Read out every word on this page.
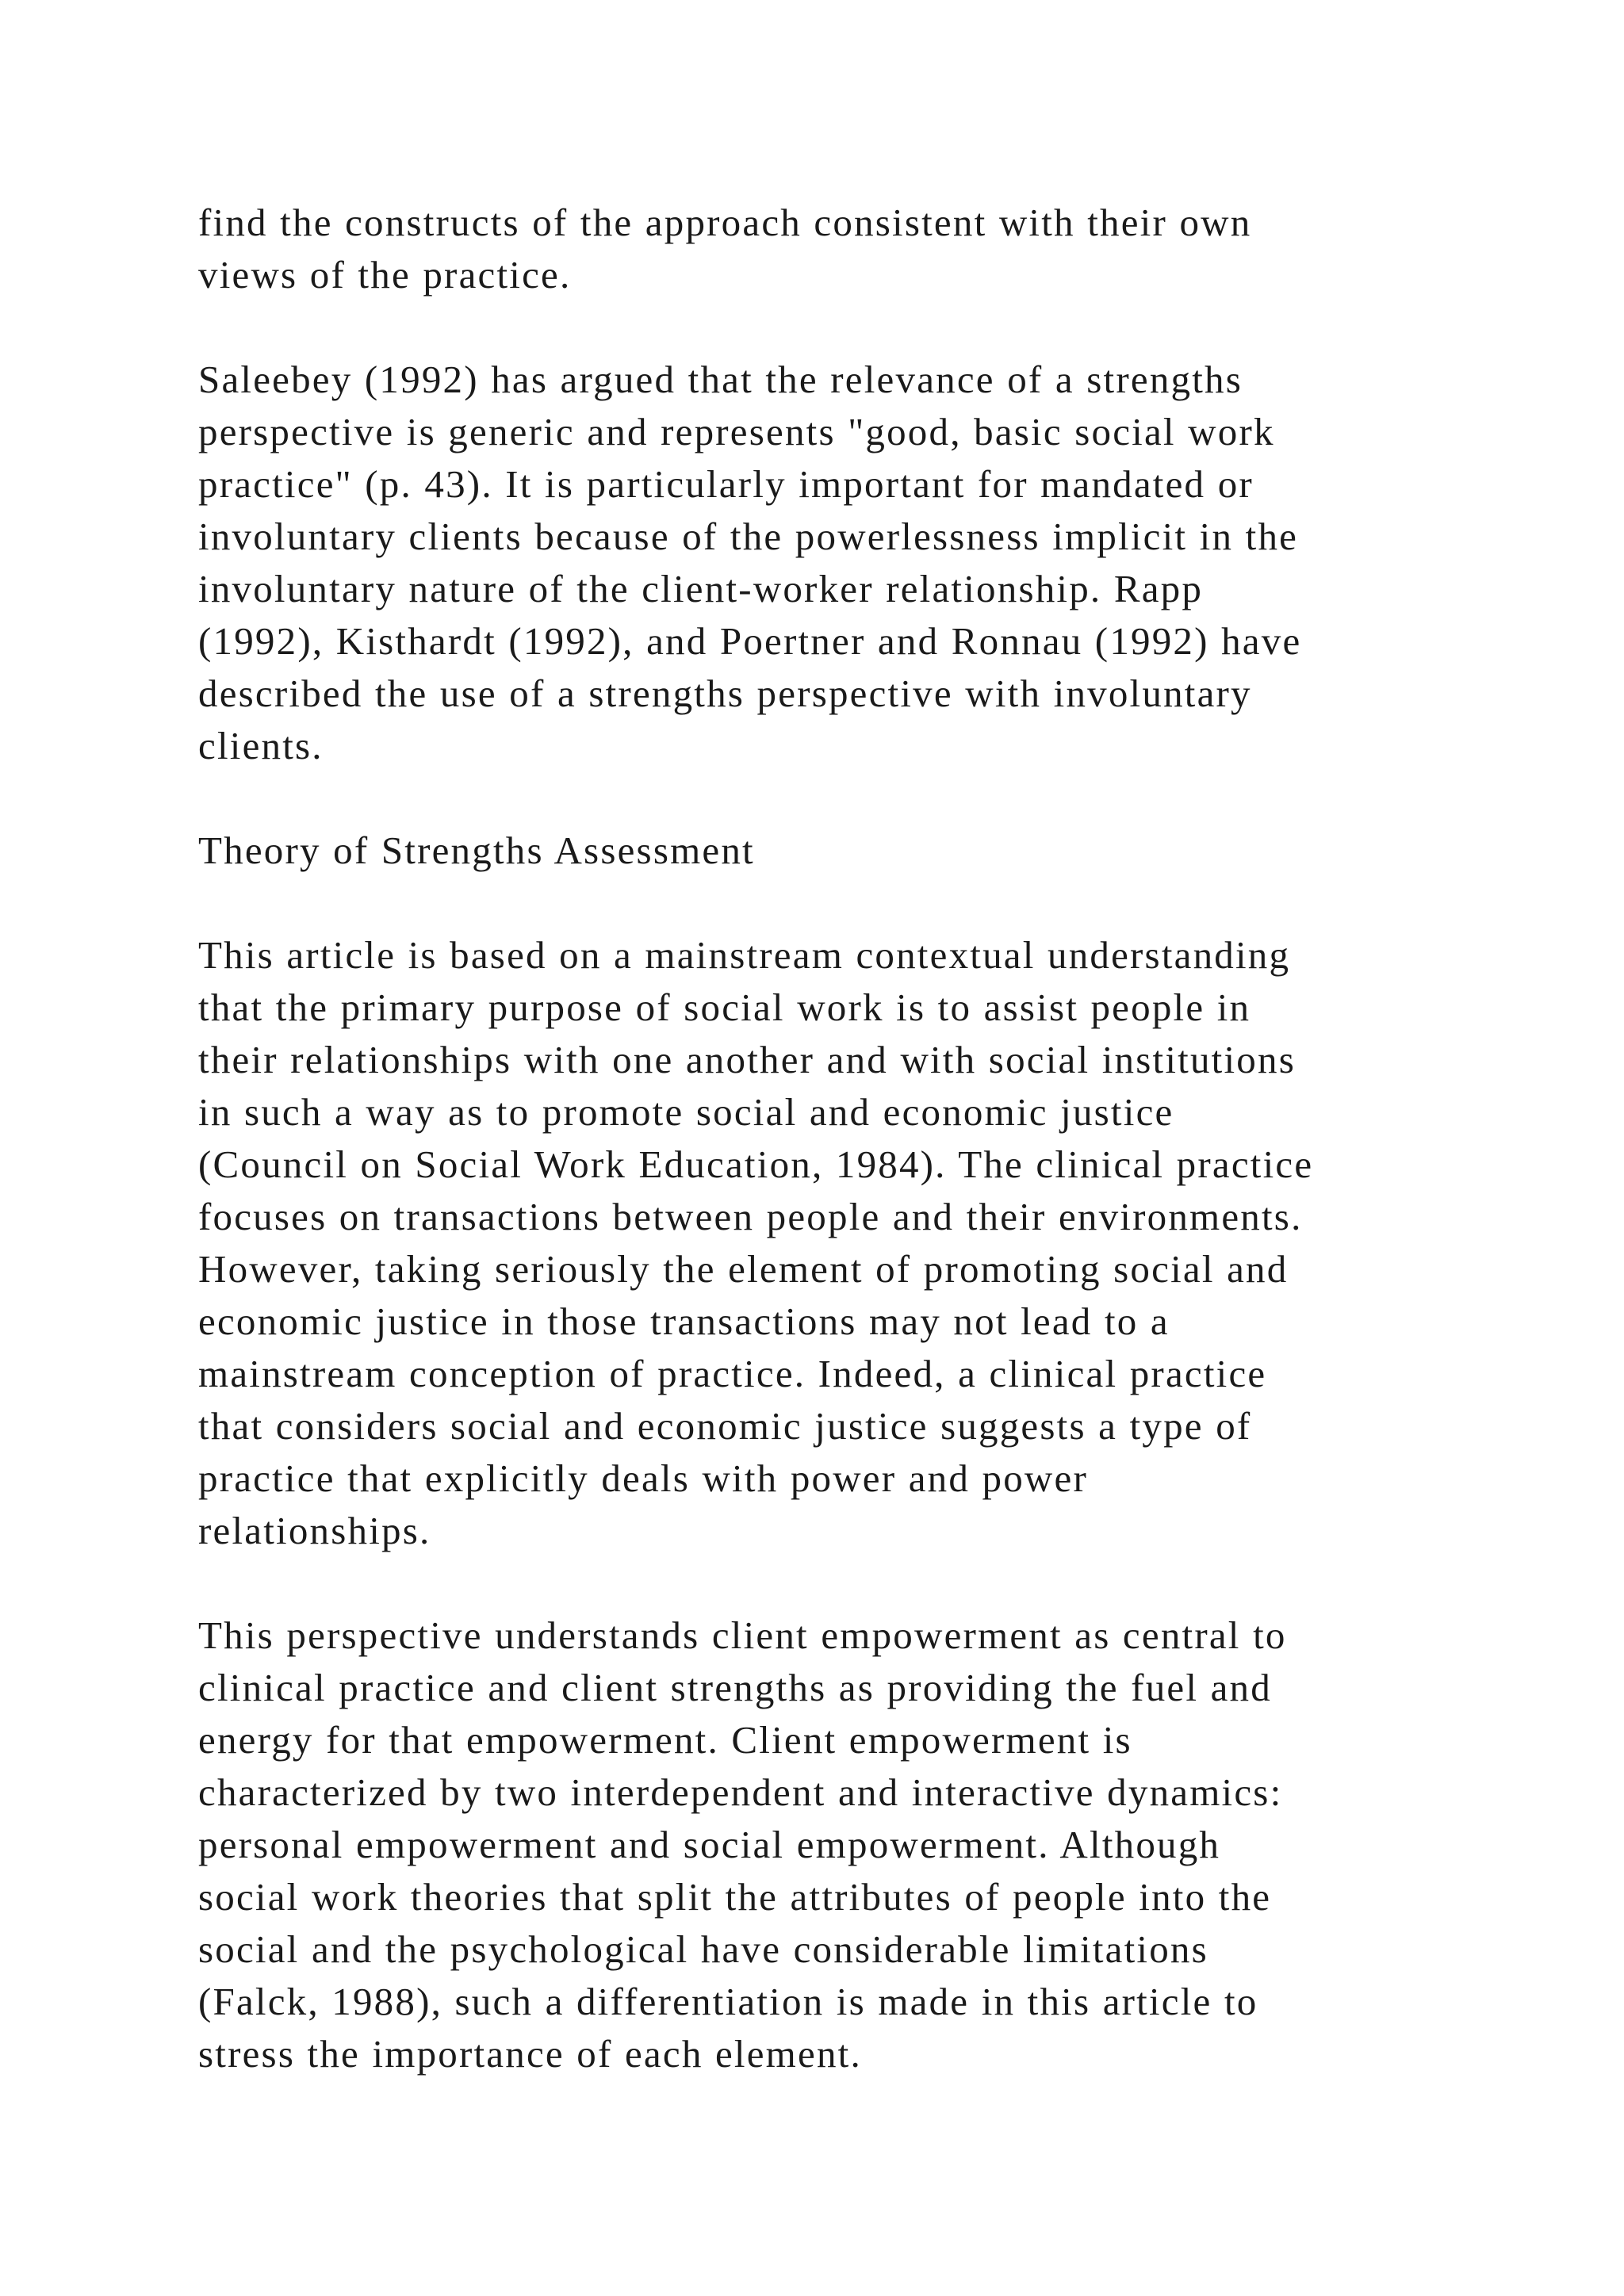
find the constructs of the approach consistent with their own
views of the practice.
Saleebey (1992) has argued that the relevance of a strengths
perspective is generic and represents "good, basic social work
practice" (p. 43). It is particularly important for mandated or
involuntary clients because of the powerlessness implicit in the
involuntary nature of the client-worker relationship. Rapp
(1992), Kisthardt (1992), and Poertner and Ronnau (1992) have
described the use of a strengths perspective with involuntary
clients.
Theory of Strengths Assessment
This article is based on a mainstream contextual understanding
that the primary purpose of social work is to assist people in
their relationships with one another and with social institutions
in such a way as to promote social and economic justice
(Council on Social Work Education, 1984). The clinical practice
focuses on transactions between people and their environments.
However, taking seriously the element of promoting social and
economic justice in those transactions may not lead to a
mainstream conception of practice. Indeed, a clinical practice
that considers social and economic justice suggests a type of
practice that explicitly deals with power and power
relationships.
This perspective understands client empowerment as central to
clinical practice and client strengths as providing the fuel and
energy for that empowerment. Client empowerment is
characterized by two interdependent and interactive dynamics:
personal empowerment and social empowerment. Although
social work theories that split the attributes of people into the
social and the psychological have considerable limitations
(Falck, 1988), such a differentiation is made in this article to
stress the importance of each element.
